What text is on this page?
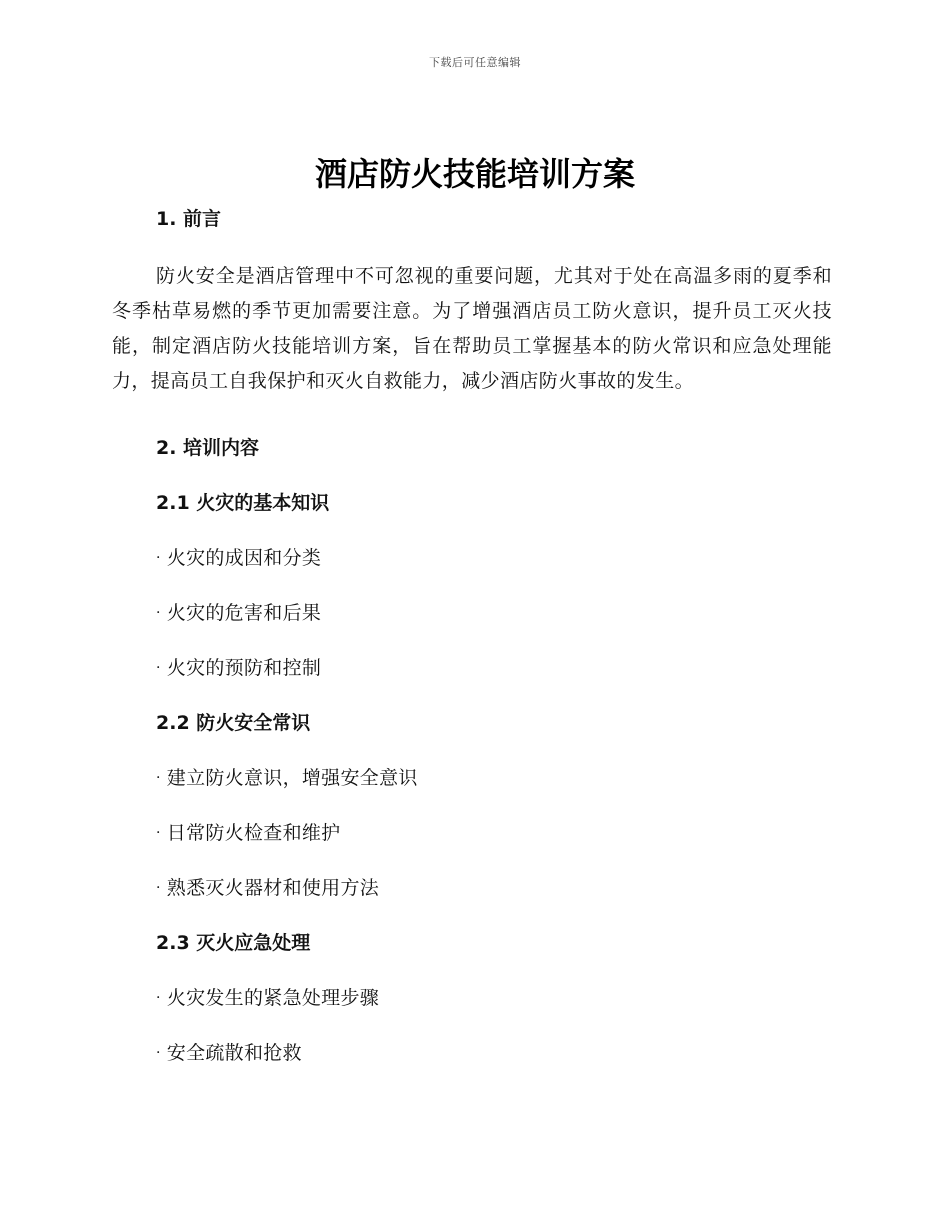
下载后可任意编辑
酒店防火技能培训方案

1. 前言

防火安全是酒店管理中不可忽视的重要问题，尤其对于处在高温多雨的夏季和冬季枯草易燃的季节更加需要注意。为了增强酒店员工防火意识，提升员工灭火技能，制定酒店防火技能培训方案，旨在帮助员工掌握基本的防火常识和应急处理能力，提高员工自我保护和灭火自救能力，减少酒店防火事故的发生。

2. 培训内容

2.1 火灾的基本知识

· 火灾的成因和分类

· 火灾的危害和后果

· 火灾的预防和控制

2.2 防火安全常识

· 建立防火意识，增强安全意识

· 日常防火检查和维护

· 熟悉灭火器材和使用方法

2.3 灭火应急处理

· 火灾发生的紧急处理步骤

· 安全疏散和抢救
